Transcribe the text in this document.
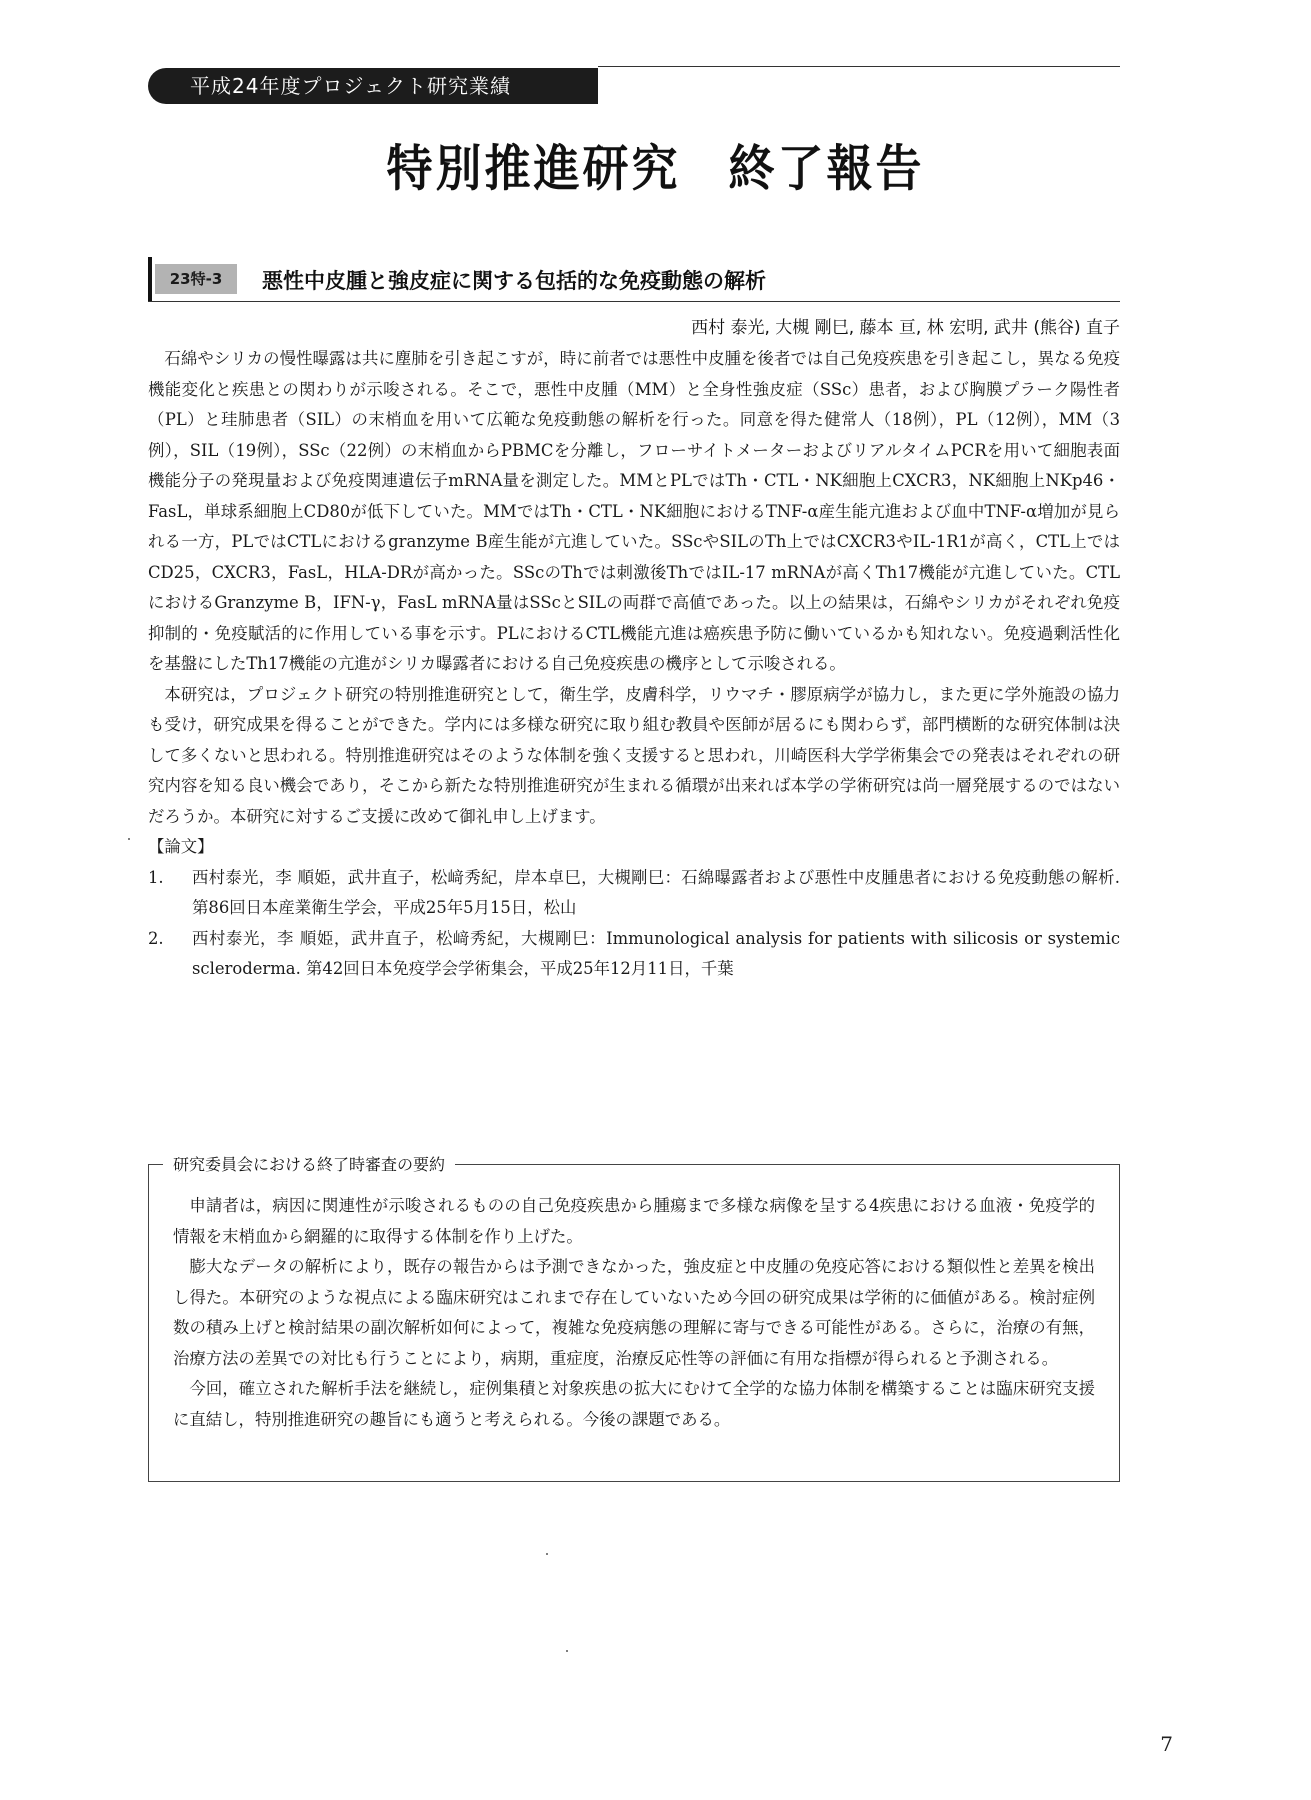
平成24年度プロジェクト研究業績
特別推進研究 終了報告
23特-3	悪性中皮腫と強皮症に関する包括的な免疫動態の解析
西村 泰光, 大槻 剛巳, 藤本 亘, 林 宏明, 武井 (熊谷) 直子

石綿やシリカの慢性曝露は共に塵肺を引き起こすが，時に前者では悪性中皮腫を後者では自己免疫疾患を引き起こし，異なる免疫機能変化と疾患との関わりが示唆される。そこで，悪性中皮腫（MM）と全身性強皮症（SSc）患者，および胸膜プラーク陽性者（PL）と珪肺患者（SIL）の末梢血を用いて広範な免疫動態の解析を行った。同意を得た健常人（18例），PL（12例），MM（3例），SIL（19例），SSc（22例）の末梢血からPBMCを分離し，フローサイトメーターおよびリアルタイムPCRを用いて細胞表面機能分子の発現量および免疫関連遺伝子mRNA量を測定した。MMとPLではTh・CTL・NK細胞上CXCR3，NK細胞上NKp46・FasL，単球系細胞上CD80が低下していた。MMではTh・CTL・NK細胞におけるTNF-α産生能亢進および血中TNF-α増加が見られる一方，PLではCTLにおけるgranzyme B産生能が亢進していた。SScやSILのTh上ではCXCR3やIL-1R1が高く，CTL上ではCD25，CXCR3，FasL，HLA-DRが高かった。SScのThでは刺激後ThではIL-17 mRNAが高くTh17機能が亢進していた。CTLにおけるGranzyme B，IFN-γ，FasL mRNA量はSScとSILの両群で高値であった。以上の結果は，石綿やシリカがそれぞれ免疫抑制的・免疫賦活的に作用している事を示す。PLにおけるCTL機能亢進は癌疾患予防に働いているかも知れない。免疫過剰活性化を基盤にしたTh17機能の亢進がシリカ曝露者における自己免疫疾患の機序として示唆される。

本研究は，プロジェクト研究の特別推進研究として，衛生学，皮膚科学，リウマチ・膠原病学が協力し，また更に学外施設の協力も受け，研究成果を得ることができた。学内には多様な研究に取り組む教員や医師が居るにも関わらず，部門横断的な研究体制は決して多くないと思われる。特別推進研究はそのような体制を強く支援すると思われ，川崎医科大学学術集会での発表はそれぞれの研究内容を知る良い機会であり，そこから新たな特別推進研究が生まれる循環が出来れば本学の学術研究は尚一層発展するのではないだろうか。本研究に対するご支援に改めて御礼申し上げます。

【論文】

1. 西村泰光，李 順姫，武井直子，松﨑秀紀，岸本卓巳，大槻剛巳：石綿曝露者および悪性中皮腫患者における免疫動態の解析. 第86回日本産業衛生学会，平成25年5月15日，松山
2. 西村泰光，李 順姫，武井直子，松﨑秀紀，大槻剛巳：Immunological analysis for patients with silicosis or systemic scleroderma. 第42回日本免疫学会学術集会，平成25年12月11日，千葉
研究委員会における終了時審査の要約

申請者は，病因に関連性が示唆されるものの自己免疫疾患から腫瘍まで多様な病像を呈する4疾患における血液・免疫学的情報を末梢血から網羅的に取得する体制を作り上げた。

膨大なデータの解析により，既存の報告からは予測できなかった，強皮症と中皮腫の免疫応答における類似性と差異を検出し得た。本研究のような視点による臨床研究はこれまで存在していないため今回の研究成果は学術的に価値がある。検討症例数の積み上げと検討結果の副次解析如何によって，複雑な免疫病態の理解に寄与できる可能性がある。さらに，治療の有無，治療方法の差異での対比も行うことにより，病期，重症度，治療反応性等の評価に有用な指標が得られると予測される。

今回，確立された解析手法を継続し，症例集積と対象疾患の拡大にむけて全学的な協力体制を構築することは臨床研究支援に直結し，特別推進研究の趣旨にも適うと考えられる。今後の課題である。

7
